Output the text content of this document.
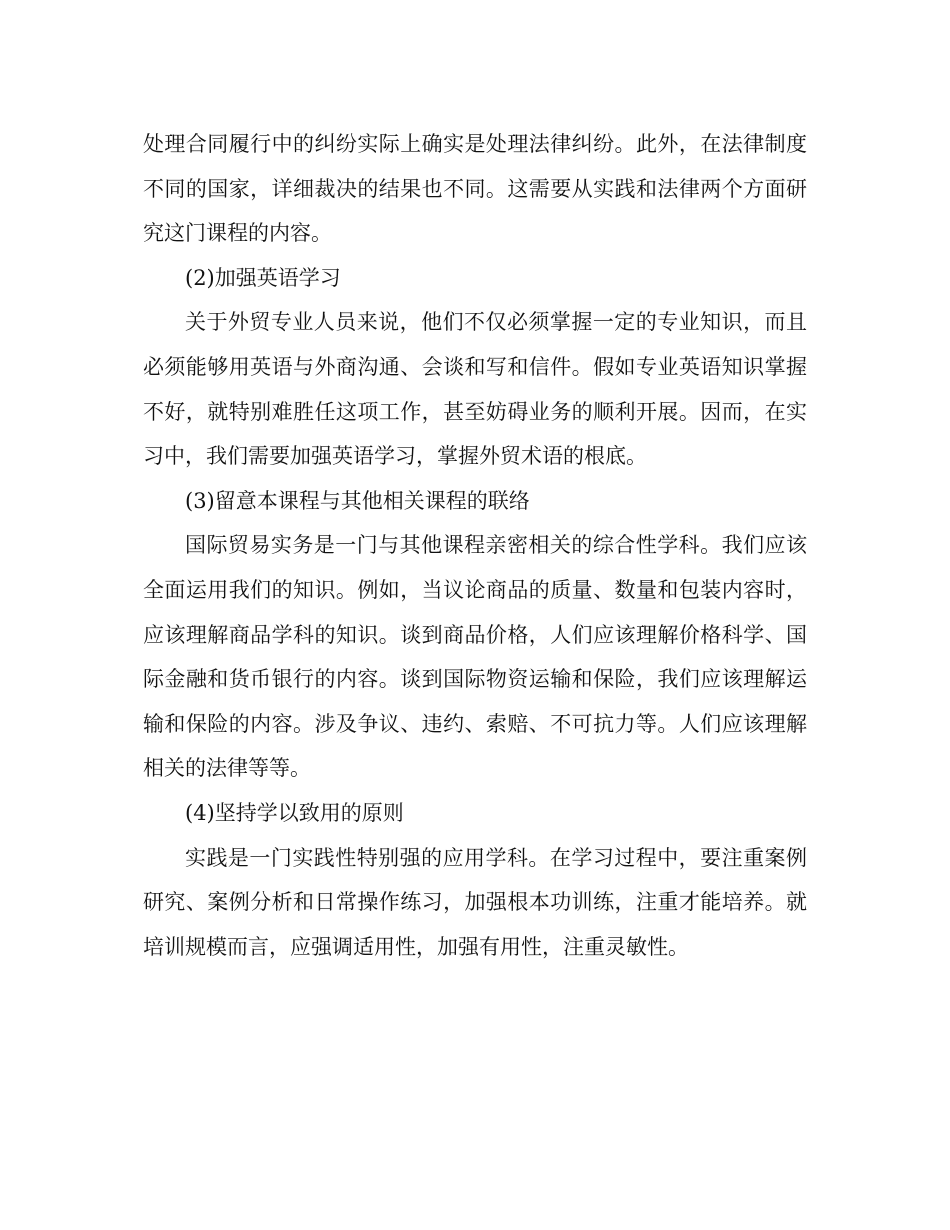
处理合同履行中的纠纷实际上确实是处理法律纠纷。此外，在法律制度不同的国家，详细裁决的结果也不同。这需要从实践和法律两个方面研究这门课程的内容。

(2)加强英语学习

关于外贸专业人员来说，他们不仅必须掌握一定的专业知识，而且必须能够用英语与外商沟通、会谈和写和信件。假如专业英语知识掌握不好，就特别难胜任这项工作，甚至妨碍业务的顺利开展。因而，在实习中，我们需要加强英语学习，掌握外贸术语的根底。

(3)留意本课程与其他相关课程的联络

国际贸易实务是一门与其他课程亲密相关的综合性学科。我们应该全面运用我们的知识。例如，当议论商品的质量、数量和包装内容时，应该理解商品学科的知识。谈到商品价格，人们应该理解价格科学、国际金融和货币银行的内容。谈到国际物资运输和保险，我们应该理解运输和保险的内容。涉及争议、违约、索赔、不可抗力等。人们应该理解相关的法律等等。

(4)坚持学以致用的原则

实践是一门实践性特别强的应用学科。在学习过程中，要注重案例研究、案例分析和日常操作练习，加强根本功训练，注重才能培养。就培训规模而言，应强调适用性，加强有用性，注重灵敏性。
